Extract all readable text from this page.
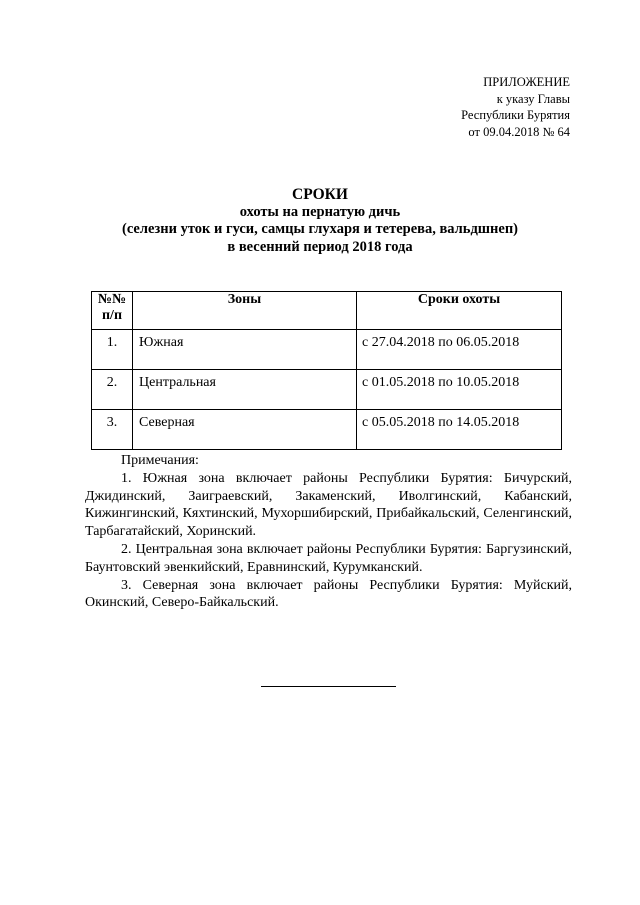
ПРИЛОЖЕНИЕ
к указу Главы
Республики Бурятия
от 09.04.2018 № 64
СРОКИ
охоты на пернатую дичь
(селезни уток и гуси, самцы глухаря и тетерева, вальдшнеп)
в весенний период 2018 года
№№ п/п	Зоны	Сроки охоты
1.	Южная	с 27.04.2018 по 06.05.2018
2.	Центральная	с 01.05.2018 по 10.05.2018
3.	Северная	с 05.05.2018 по 14.05.2018
Примечания:

1. Южная зона включает районы Республики Бурятия: Бичурский, Джидинский, Заиграевский, Закаменский, Иволгинский, Кабанский, Кижингинский, Кяхтинский, Мухоршибирский, Прибайкальский, Селенгинский, Тарбагатайский, Хоринский.

2. Центральная зона включает районы Республики Бурятия: Баргузинский, Баунтовский эвенкийский, Еравнинский, Курумканский.

3. Северная зона включает районы Республики Бурятия: Муйский, Окинский, Северо-Байкальский.
